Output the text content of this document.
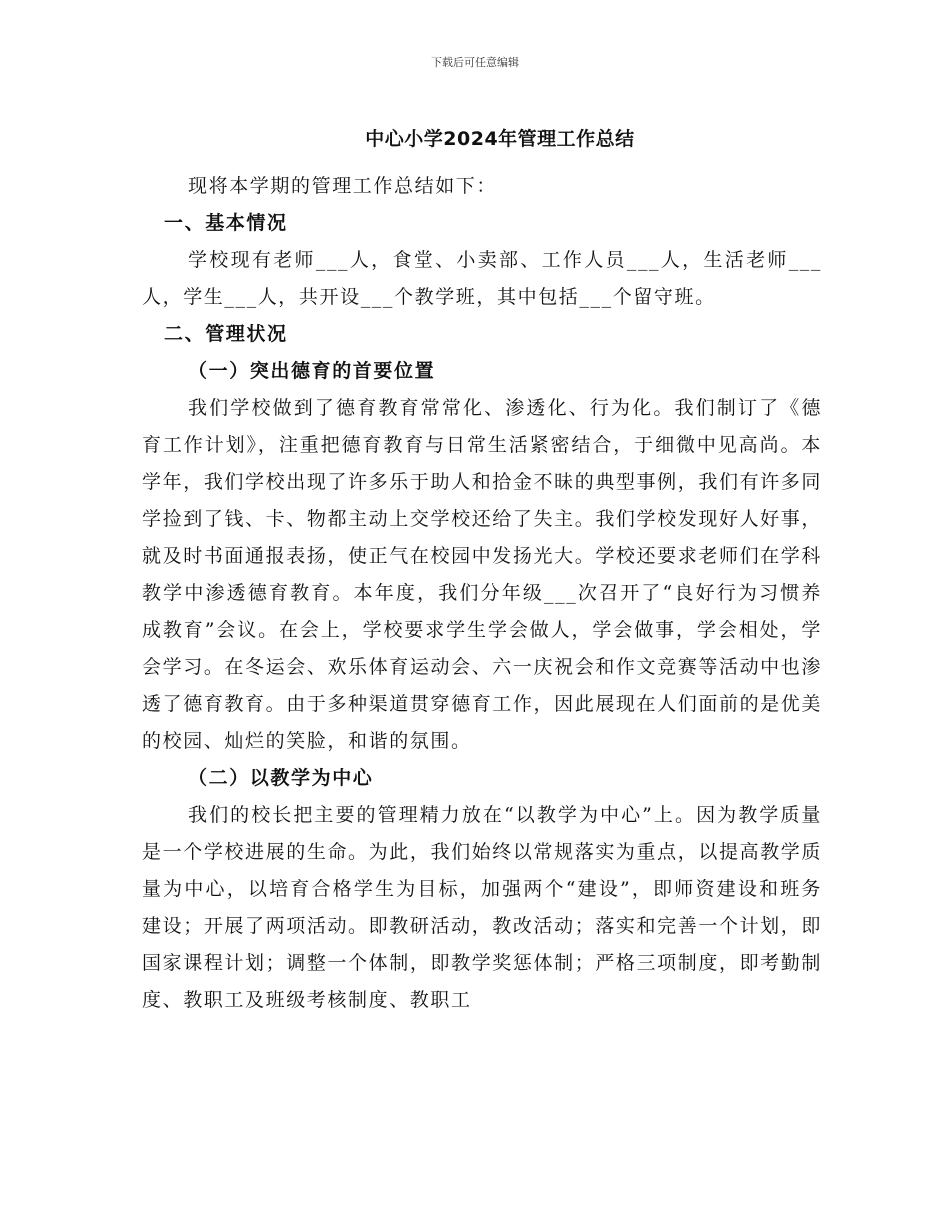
下载后可任意编辑
中心小学2024年管理工作总结

现将本学期的管理工作总结如下：

一、基本情况

学校现有老师___人，食堂、小卖部、工作人员___人，生活老师___人，学生___人，共开设___个教学班，其中包括___个留守班。

二、管理状况

（一）突出德育的首要位置

我们学校做到了德育教育常常化、渗透化、行为化。我们制订了《德育工作计划》，注重把德育教育与日常生活紧密结合，于细微中见高尚。本学年，我们学校出现了许多乐于助人和拾金不昧的典型事例，我们有许多同学捡到了钱、卡、物都主动上交学校还给了失主。我们学校发现好人好事，就及时书面通报表扬，使正气在校园中发扬光大。学校还要求老师们在学科教学中渗透德育教育。本年度，我们分年级___次召开了“良好行为习惯养成教育”会议。在会上，学校要求学生学会做人，学会做事，学会相处，学会学习。在冬运会、欢乐体育运动会、六一庆祝会和作文竞赛等活动中也渗透了德育教育。由于多种渠道贯穿德育工作，因此展现在人们面前的是优美的校园、灿烂的笑脸，和谐的氛围。

（二）以教学为中心

我们的校长把主要的管理精力放在“以教学为中心”上。因为教学质量是一个学校进展的生命。为此，我们始终以常规落实为重点，以提高教学质量为中心，以培育合格学生为目标，加强两个“建设”，即师资建设和班务建设；开展了两项活动。即教研活动，教改活动；落实和完善一个计划，即国家课程计划；调整一个体制，即教学奖惩体制；严格三项制度，即考勤制度、教职工及班级考核制度、教职工
